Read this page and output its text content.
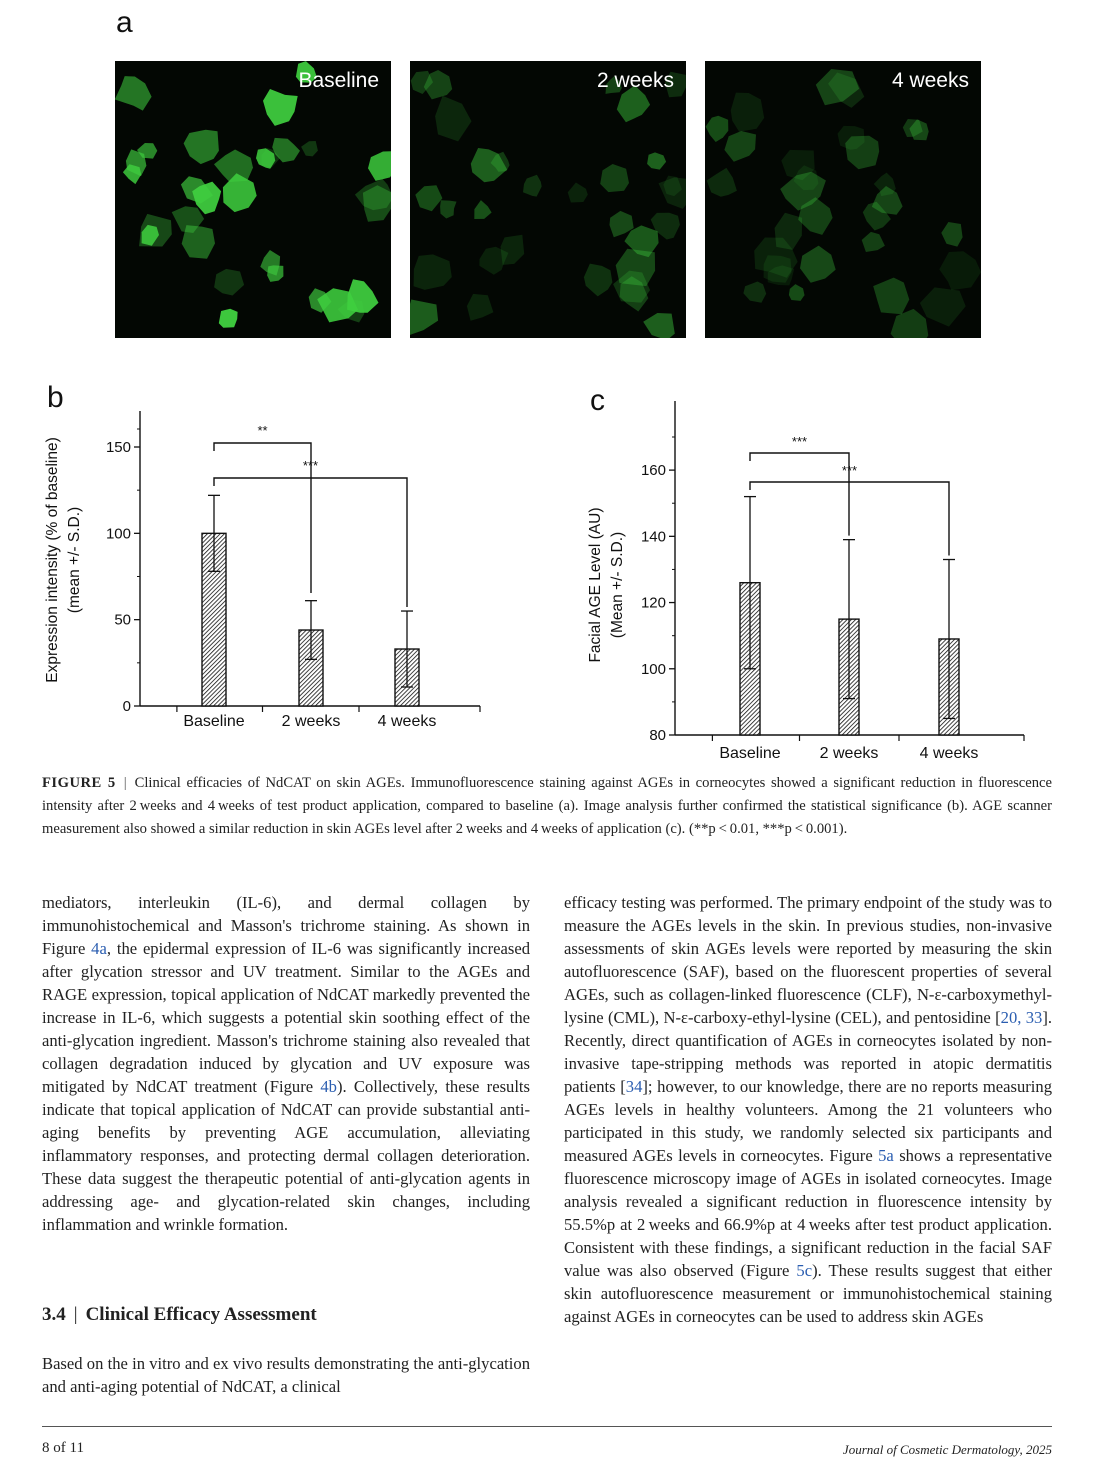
a
b	c
Baseline	2 weeks	4 weeks
0
50
100
150
Baseline 2 weeks 4 weeks
**
***
Expression intensity (% of baseline) (mean +/- S.D.)
80
100
120
140
160
Baseline 2 weeks	4 weeks
***
***
Facial AGE Level (AU) (Mean +/- S.D.)
FIGURE 5 | Clinical efficacies of NdCAT on skin AGEs. Immunofluorescence staining against AGEs in corneocytes showed a significant reduction in fluorescence intensity after 2 weeks and 4 weeks of test product application, compared to baseline (a). Image analysis further confirmed the statistical significance (b). AGE scanner measurement also showed a similar reduction in skin AGEs level after 2 weeks and 4 weeks of application (c). (**p < 0.01, ***p < 0.001).

mediators, interleukin (IL-6), and dermal collagen by immunohistochemical and Masson's trichrome staining. As shown in Figure 4a, the epidermal expression of IL-6 was significantly increased after glycation stressor and UV treatment. Similar to the AGEs and RAGE expression, topical application of NdCAT markedly prevented the increase in IL-6, which suggests a potential skin soothing effect of the anti-glycation ingredient. Masson's trichrome staining also revealed that collagen degradation induced by glycation and UV exposure was mitigated by NdCAT treatment (Figure 4b). Collectively, these results indicate that topical application of NdCAT can provide substantial anti-aging benefits by preventing AGE accumulation, alleviating inflammatory responses, and protecting dermal collagen deterioration. These data suggest the therapeutic potential of anti-glycation agents in addressing age- and glycation-related skin changes, including inflammation and wrinkle formation.

3.4 | Clinical Efficacy Assessment

Based on the in vitro and ex vivo results demonstrating the anti-glycation and anti-aging potential of NdCAT, a clinical

efficacy testing was performed. The primary endpoint of the study was to measure the AGEs levels in the skin. In previous studies, non-invasive assessments of skin AGEs levels were reported by measuring the skin autofluorescence (SAF), based on the fluorescent properties of several AGEs, such as collagen-linked fluorescence (CLF), N-ε-carboxymethyl-lysine (CML), N-ε-carboxy-ethyl-lysine (CEL), and pentosidine [20, 33]. Recently, direct quantification of AGEs in corneocytes isolated by non-invasive tape-stripping methods was reported in atopic dermatitis patients [34]; however, to our knowledge, there are no reports measuring AGEs levels in healthy volunteers. Among the 21 volunteers who participated in this study, we randomly selected six participants and measured AGEs levels in corneocytes. Figure 5a shows a representative fluorescence microscopy image of AGEs in isolated corneocytes. Image analysis revealed a significant reduction in fluorescence intensity by 55.5%p at 2 weeks and 66.9%p at 4 weeks after test product application. Consistent with these findings, a significant reduction in the facial SAF value was also observed (Figure 5c). These results suggest that either skin autofluorescence measurement or immunohistochemical staining against AGEs in corneocytes can be used to address skin AGEs

8 of 11	Journal of Cosmetic Dermatology, 2025
